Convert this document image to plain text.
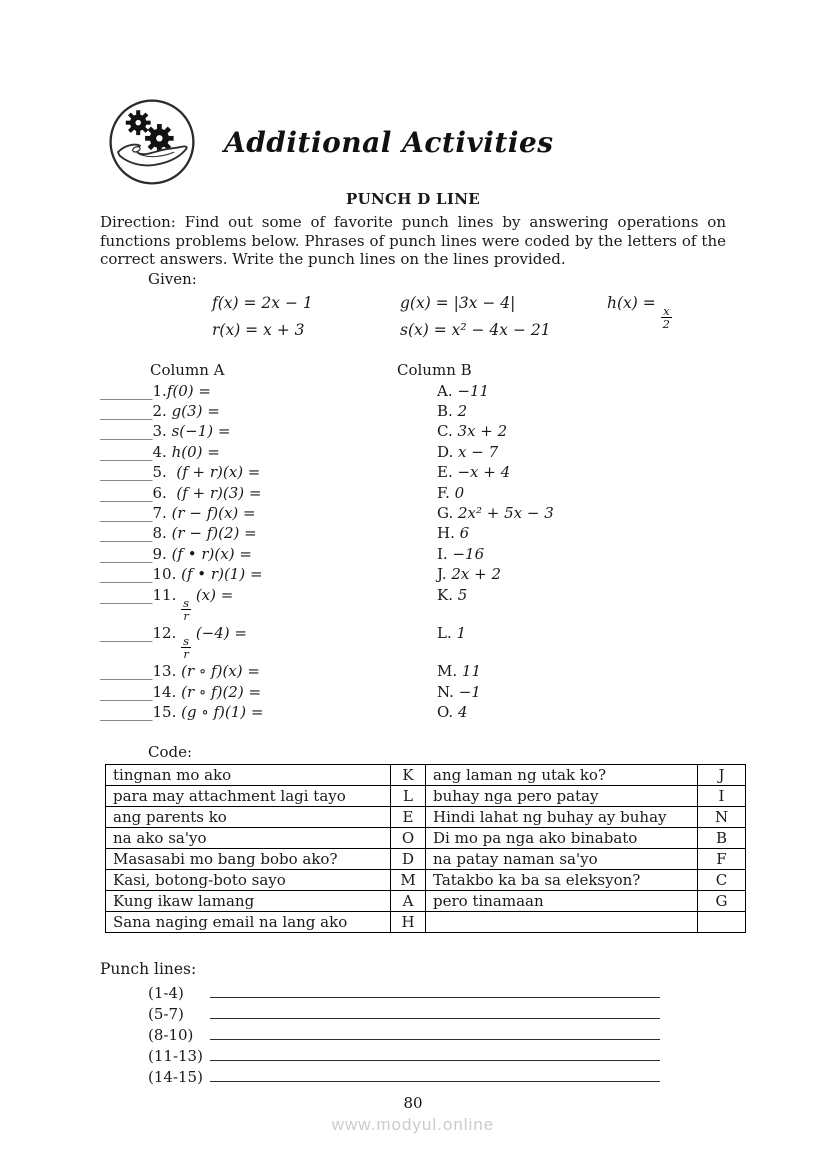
Additional Activities
PUNCH D LINE
Direction: Find out some of favorite punch lines by answering operations on functions problems below. Phrases of punch lines were coded by the letters of the correct answers. Write the punch lines on the lines provided.
Given:
f(x) = 2x − 1	g(x) = |3x − 4|	h(x) =
$\frac{x}{2}$
r(x) = x + 3	s(x) = x² − 4x − 21
Column A	Column B
_______1.f(0) =	A. −11
_______2. g(3) =	B. 2
_______3. s(−1) =	C. 3x + 2
_______4. h(0) =	D. x − 7
_______5.  (f + r)(x) =	E. −x + 4
_______6.  (f + r)(3) =	F. 0
_______7. (r − f)(x) =	G. 2x² + 5x − 3
_______8. (r − f)(2) =	H. 6
_______9. (f • r)(x) =	I. −16
_______10. (f • r)(1) =	J. 2x + 2
_______11.
$\frac{s}{r}$
(x) =	K. 5
_______12.
$\frac{s}{r}$
(−4) =	L. 1
_______13. (r ∘ f)(x) =	M. 11
_______14. (r ∘ f)(2) =	N. −1
_______15. (g ∘ f)(1) =	O. 4
Code:
tingnan mo ako	K	ang laman ng utak ko?	J
para may attachment lagi tayo	L	buhay nga pero patay	I
ang parents ko	E	Hindi lahat ng buhay ay buhay	N
na ako sa'yo	O	Di mo pa nga ako binabato	B
Masasabi mo bang bobo ako?	D	na patay naman sa'yo	F
Kasi, botong-boto sayo	M	Tatakbo ka ba sa eleksyon?	C
Kung ikaw lamang	A	pero tinamaan	G
Sana naging email na lang ako	H		
Punch lines:
(1-4)
(5-7)
(8-10)
(11-13)
(14-15)
80
www.modyul.online
